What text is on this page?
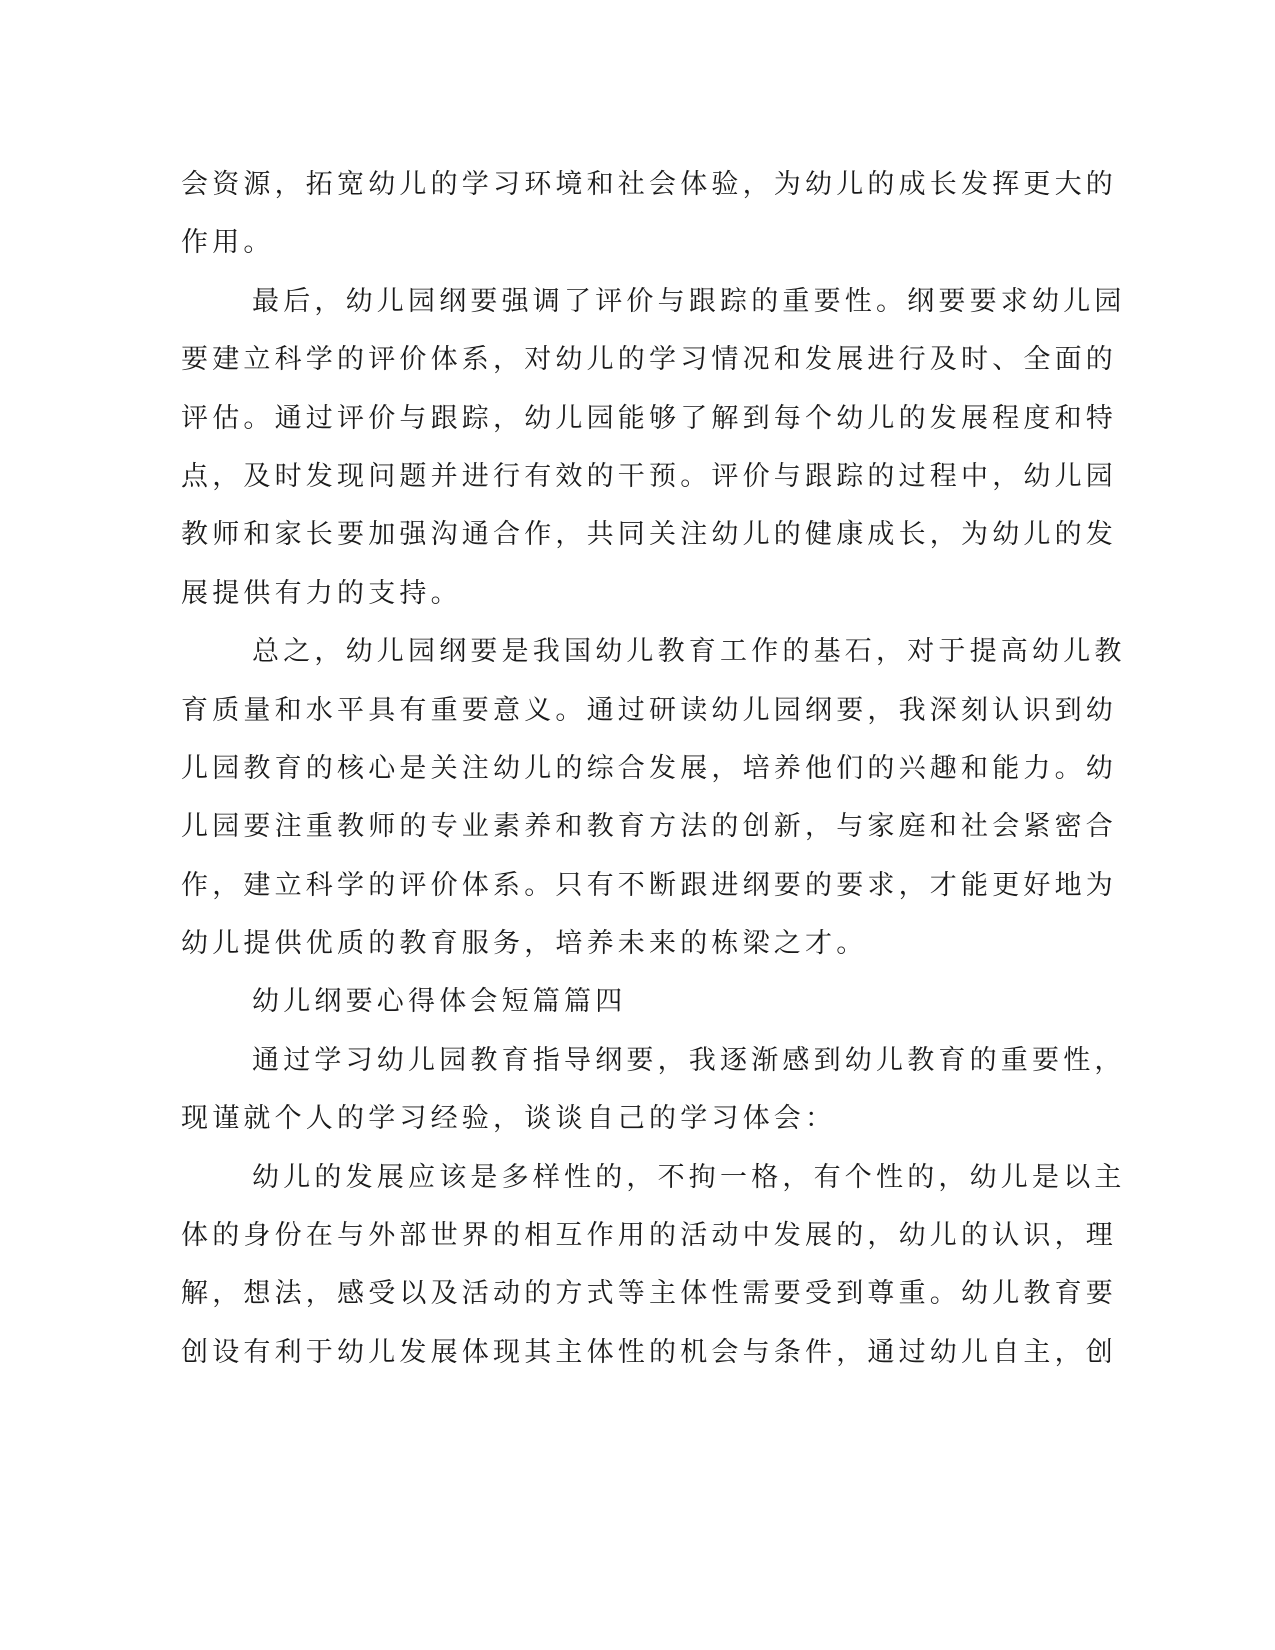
会资源，拓宽幼儿的学习环境和社会体验，为幼儿的成长发挥更大的
作用。
最后，幼儿园纲要强调了评价与跟踪的重要性。纲要要求幼儿园
要建立科学的评价体系，对幼儿的学习情况和发展进行及时、全面的
评估。通过评价与跟踪，幼儿园能够了解到每个幼儿的发展程度和特
点，及时发现问题并进行有效的干预。评价与跟踪的过程中，幼儿园
教师和家长要加强沟通合作，共同关注幼儿的健康成长，为幼儿的发
展提供有力的支持。
总之，幼儿园纲要是我国幼儿教育工作的基石，对于提高幼儿教
育质量和水平具有重要意义。通过研读幼儿园纲要，我深刻认识到幼
儿园教育的核心是关注幼儿的综合发展，培养他们的兴趣和能力。幼
儿园要注重教师的专业素养和教育方法的创新，与家庭和社会紧密合
作，建立科学的评价体系。只有不断跟进纲要的要求，才能更好地为
幼儿提供优质的教育服务，培养未来的栋梁之才。
幼儿纲要心得体会短篇篇四
通过学习幼儿园教育指导纲要，我逐渐感到幼儿教育的重要性，
现谨就个人的学习经验，谈谈自己的学习体会：
幼儿的发展应该是多样性的，不拘一格，有个性的，幼儿是以主
体的身份在与外部世界的相互作用的活动中发展的，幼儿的认识，理
解，想法，感受以及活动的方式等主体性需要受到尊重。幼儿教育要
创设有利于幼儿发展体现其主体性的机会与条件，通过幼儿自主，创
